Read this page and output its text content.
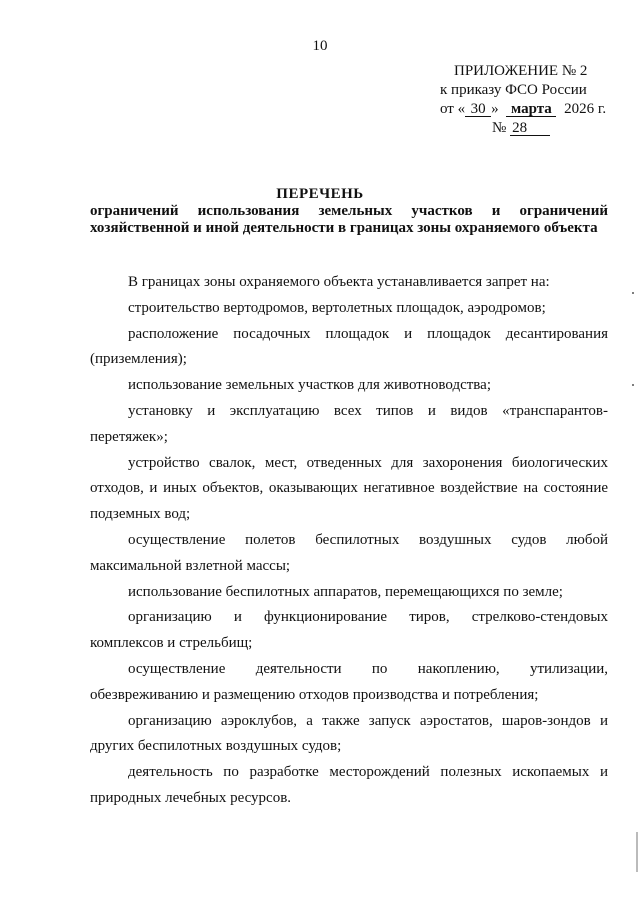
10
ПРИЛОЖЕНИЕ № 2
к приказу ФСО России
от « 30 » марта 2026 г.
№ 28
ПЕРЕЧЕНЬ
ограничений использования земельных участков и ограничений
хозяйственной и иной деятельности в границах зоны охраняемого объекта

В границах зоны охраняемого объекта устанавливается запрет на:

строительство вертодромов, вертолетных площадок, аэродромов;

расположение посадочных площадок и площадок десантирования (приземления);

использование земельных участков для животноводства;

установку и эксплуатацию всех типов и видов «транспарантов-перетяжек»;

устройство свалок, мест, отведенных для захоронения биологических отходов, и иных объектов, оказывающих негативное воздействие на состояние подземных вод;

осуществление полетов беспилотных воздушных судов любой максимальной взлетной массы;

использование беспилотных аппаратов, перемещающихся по земле;

организацию и функционирование тиров, стрелково-стендовых комплексов и стрельбищ;

осуществление деятельности по накоплению, утилизации, обезвреживанию и размещению отходов производства и потребления;

организацию аэроклубов, а также запуск аэростатов, шаров-зондов и других беспилотных воздушных судов;

деятельность по разработке месторождений полезных ископаемых и природных лечебных ресурсов.
